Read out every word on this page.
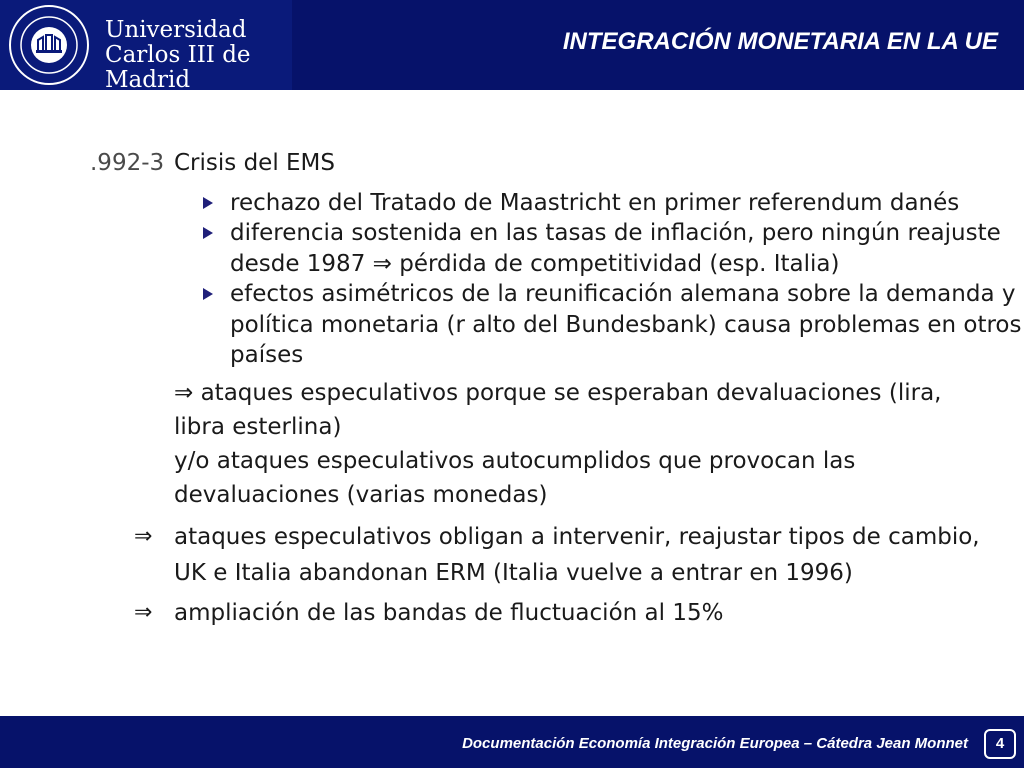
Universidad
Carlos III de Madrid
INTEGRACIÓN MONETARIA EN LA UE
.992-3 Crisis del EMS
rechazo del Tratado de Maastricht en primer referendum danés
diferencia sostenida en las tasas de inflación, pero ningún reajuste
desde 1987 ⇒ pérdida de competitividad (esp. Italia)
efectos asimétricos de la reunificación alemana sobre la demanda y
política monetaria (r alto del Bundesbank) causa problemas en otros
países
⇒ ataques especulativos porque se esperaban devaluaciones (lira,
libra esterlina)
y/o ataques especulativos autocumplidos que provocan las
devaluaciones (varias monedas)
⇒ ataques especulativos obligan a intervenir, reajustar tipos de cambio,
UK e Italia abandonan ERM (Italia vuelve a entrar en 1996)
⇒ ampliación de las bandas de fluctuación al 15%
Documentación Economía Integración Europea – Cátedra Jean Monnet	4
